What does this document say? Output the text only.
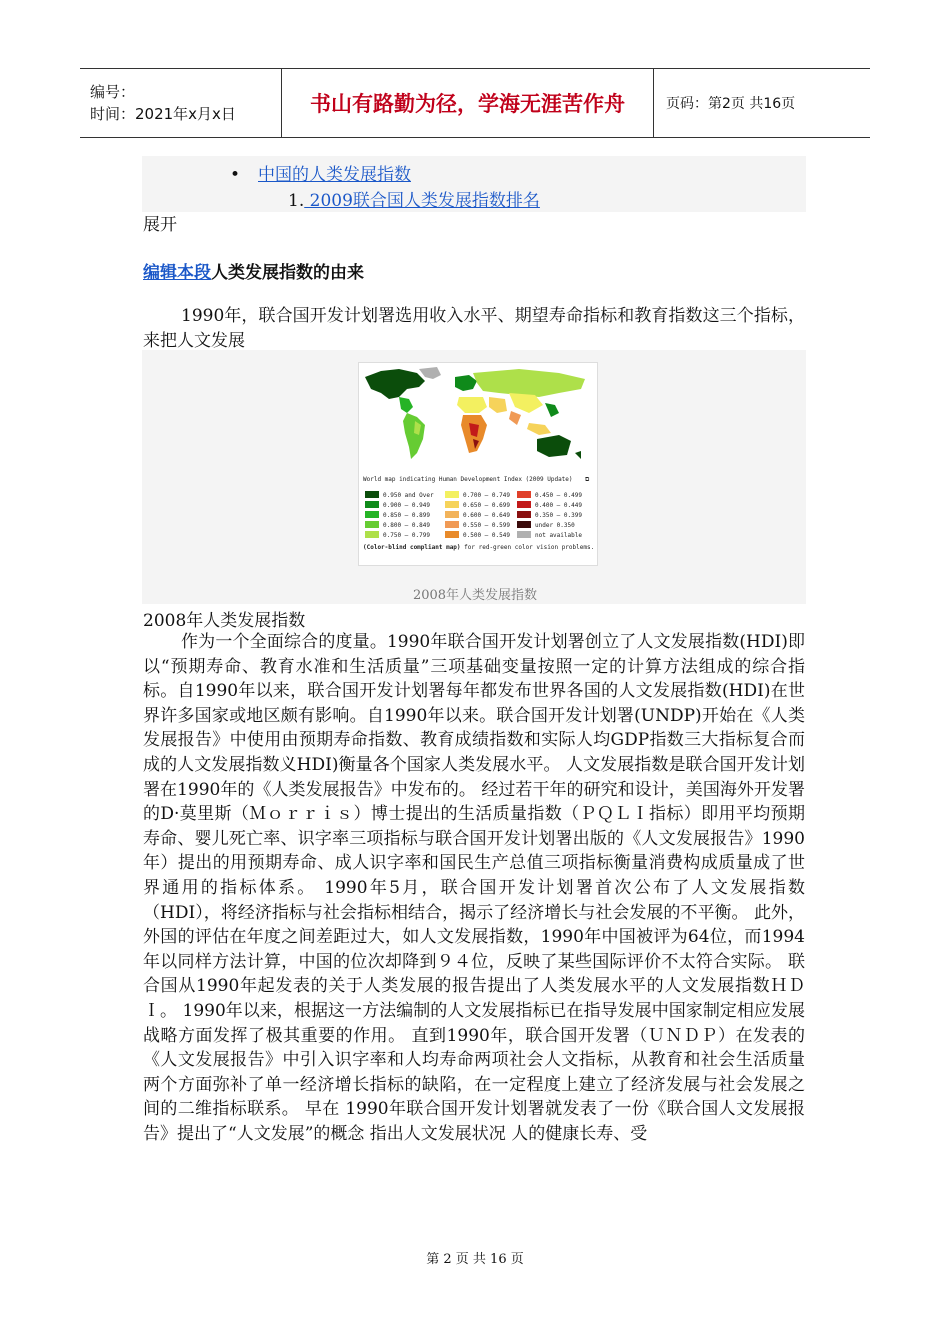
编号：
时间：2021年x月x日	书山有路勤为径，学海无涯苦作舟	页码：第2页 共16页
• 中国的人类发展指数
1. 2009联合国人类发展指数排名
展开
编辑本段人类发展指数的由来

1990年，联合国开发计划署选用收入水平、期望寿命指标和教育指数这三个指标，来把人文发展

World map indicating Human Development Index (2009 Update) ⧉
0.950 and Over
0.900 – 0.949
0.850 – 0.899
0.800 – 0.849
0.750 – 0.799
0.700 – 0.749
0.650 – 0.699
0.600 – 0.649
0.550 – 0.599
0.500 – 0.549
0.450 – 0.499
0.400 – 0.449
0.350 – 0.399
under 0.350
not available
(Color-blind compliant map) for red-green color vision problems.
2008年人类发展指数
2008年人类发展指数

作为一个全面综合的度量。1990年联合国开发计划署创立了人文发展指数(HDI)即以“预期寿命、教育水准和生活质量”三项基础变量按照一定的计算方法组成的综合指标。自1990年以来，联合国开发计划署每年都发布世界各国的人文发展指数(HDI)在世界许多国家或地区颇有影响。自1990年以来。联合国开发计划署(UNDP)开始在《人类发展报告》中使用由预期寿命指数、教育成绩指数和实际人均GDP指数三大指标复合而成的人文发展指数义HDI)衡量各个国家人类发展水平。 人文发展指数是联合国开发计划署在1990年的《人类发展报告》中发布的。 经过若干年的研究和设计，美国海外开发署的D·莫里斯（Ｍｏｒｒｉｓ）博士提出的生活质量指数（ＰＱＬＩ指标）即用平均预期寿命、婴儿死亡率、识字率三项指标与联合国开发计划署出版的《人文发展报告》1990年）提出的用预期寿命、成人识字率和国民生产总值三项指标衡量消费构成质量成了世界通用的指标体系。 1990年5月，联合国开发计划署首次公布了人文发展指数（HDI），将经济指标与社会指标相结合，揭示了经济增长与社会发展的不平衡。 此外，外国的评估在年度之间差距过大，如人文发展指数，1990年中国被评为64位，而1994年以同样方法计算，中国的位次却降到９４位，反映了某些国际评价不太符合实际。 联合国从1990年起发表的关于人类发展的报告提出了人类发展水平的人文发展指数ＨＤＩ。 1990年以来，根据这一方法编制的人文发展指标已在指导发展中国家制定相应发展战略方面发挥了极其重要的作用。 直到1990年，联合国开发署（ＵＮＤＰ）在发表的《人文发展报告》中引入识字率和人均寿命两项社会人文指标，从教育和社会生活质量两个方面弥补了单一经济增长指标的缺陷，在一定程度上建立了经济发展与社会发展之间的二维指标联系。 早在 1990年联合国开发计划署就发表了一份《联合国人文发展报告》提出了“人文发展”的概念 指出人文发展状况 人的健康长寿、受

第 2 页 共 16 页
